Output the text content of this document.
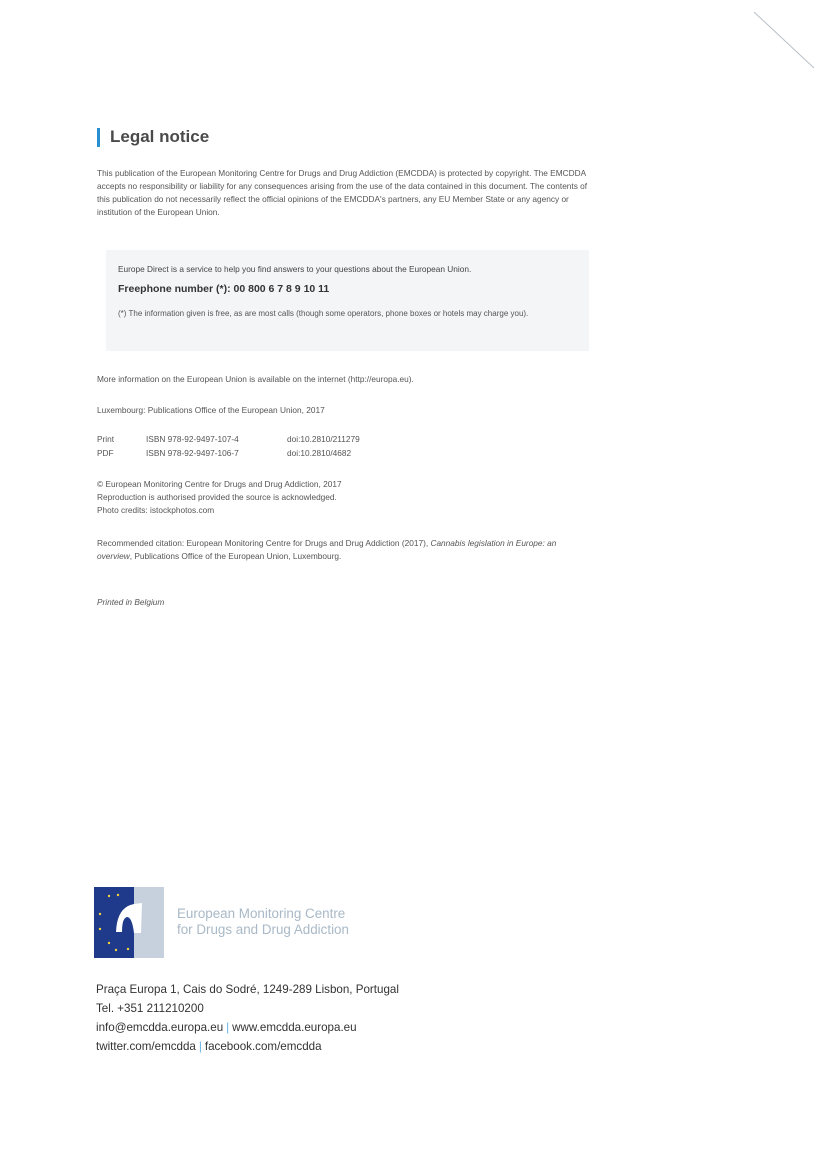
Legal notice
This publication of the European Monitoring Centre for Drugs and Drug Addiction (EMCDDA) is protected by copyright. The EMCDDA accepts no responsibility or liability for any consequences arising from the use of the data contained in this document. The contents of this publication do not necessarily reflect the official opinions of the EMCDDA's partners, any EU Member State or any agency or institution of the European Union.
Europe Direct is a service to help you find answers to your questions about the European Union.
Freephone number (*): 00 800 6 7 8 9 10 11
(*) The information given is free, as are most calls (though some operators, phone boxes or hotels may charge you).
More information on the European Union is available on the internet (http://europa.eu).
Luxembourg: Publications Office of the European Union, 2017
Print	ISBN 978-92-9497-107-4	doi:10.2810/211279
PDF	ISBN 978-92-9497-106-7	doi:10.2810/4682
© European Monitoring Centre for Drugs and Drug Addiction, 2017
Reproduction is authorised provided the source is acknowledged.
Photo credits: istockphotos.com
Recommended citation: European Monitoring Centre for Drugs and Drug Addiction (2017), Cannabis legislation in Europe: an overview, Publications Office of the European Union, Luxembourg.
Printed in Belgium
European Monitoring Centre
for Drugs and Drug Addiction
Praça Europa 1, Cais do Sodré, 1249-289 Lisbon, Portugal
Tel. +351 211210200
info@emcdda.europa.eu | www.emcdda.europa.eu
twitter.com/emcdda | facebook.com/emcdda
